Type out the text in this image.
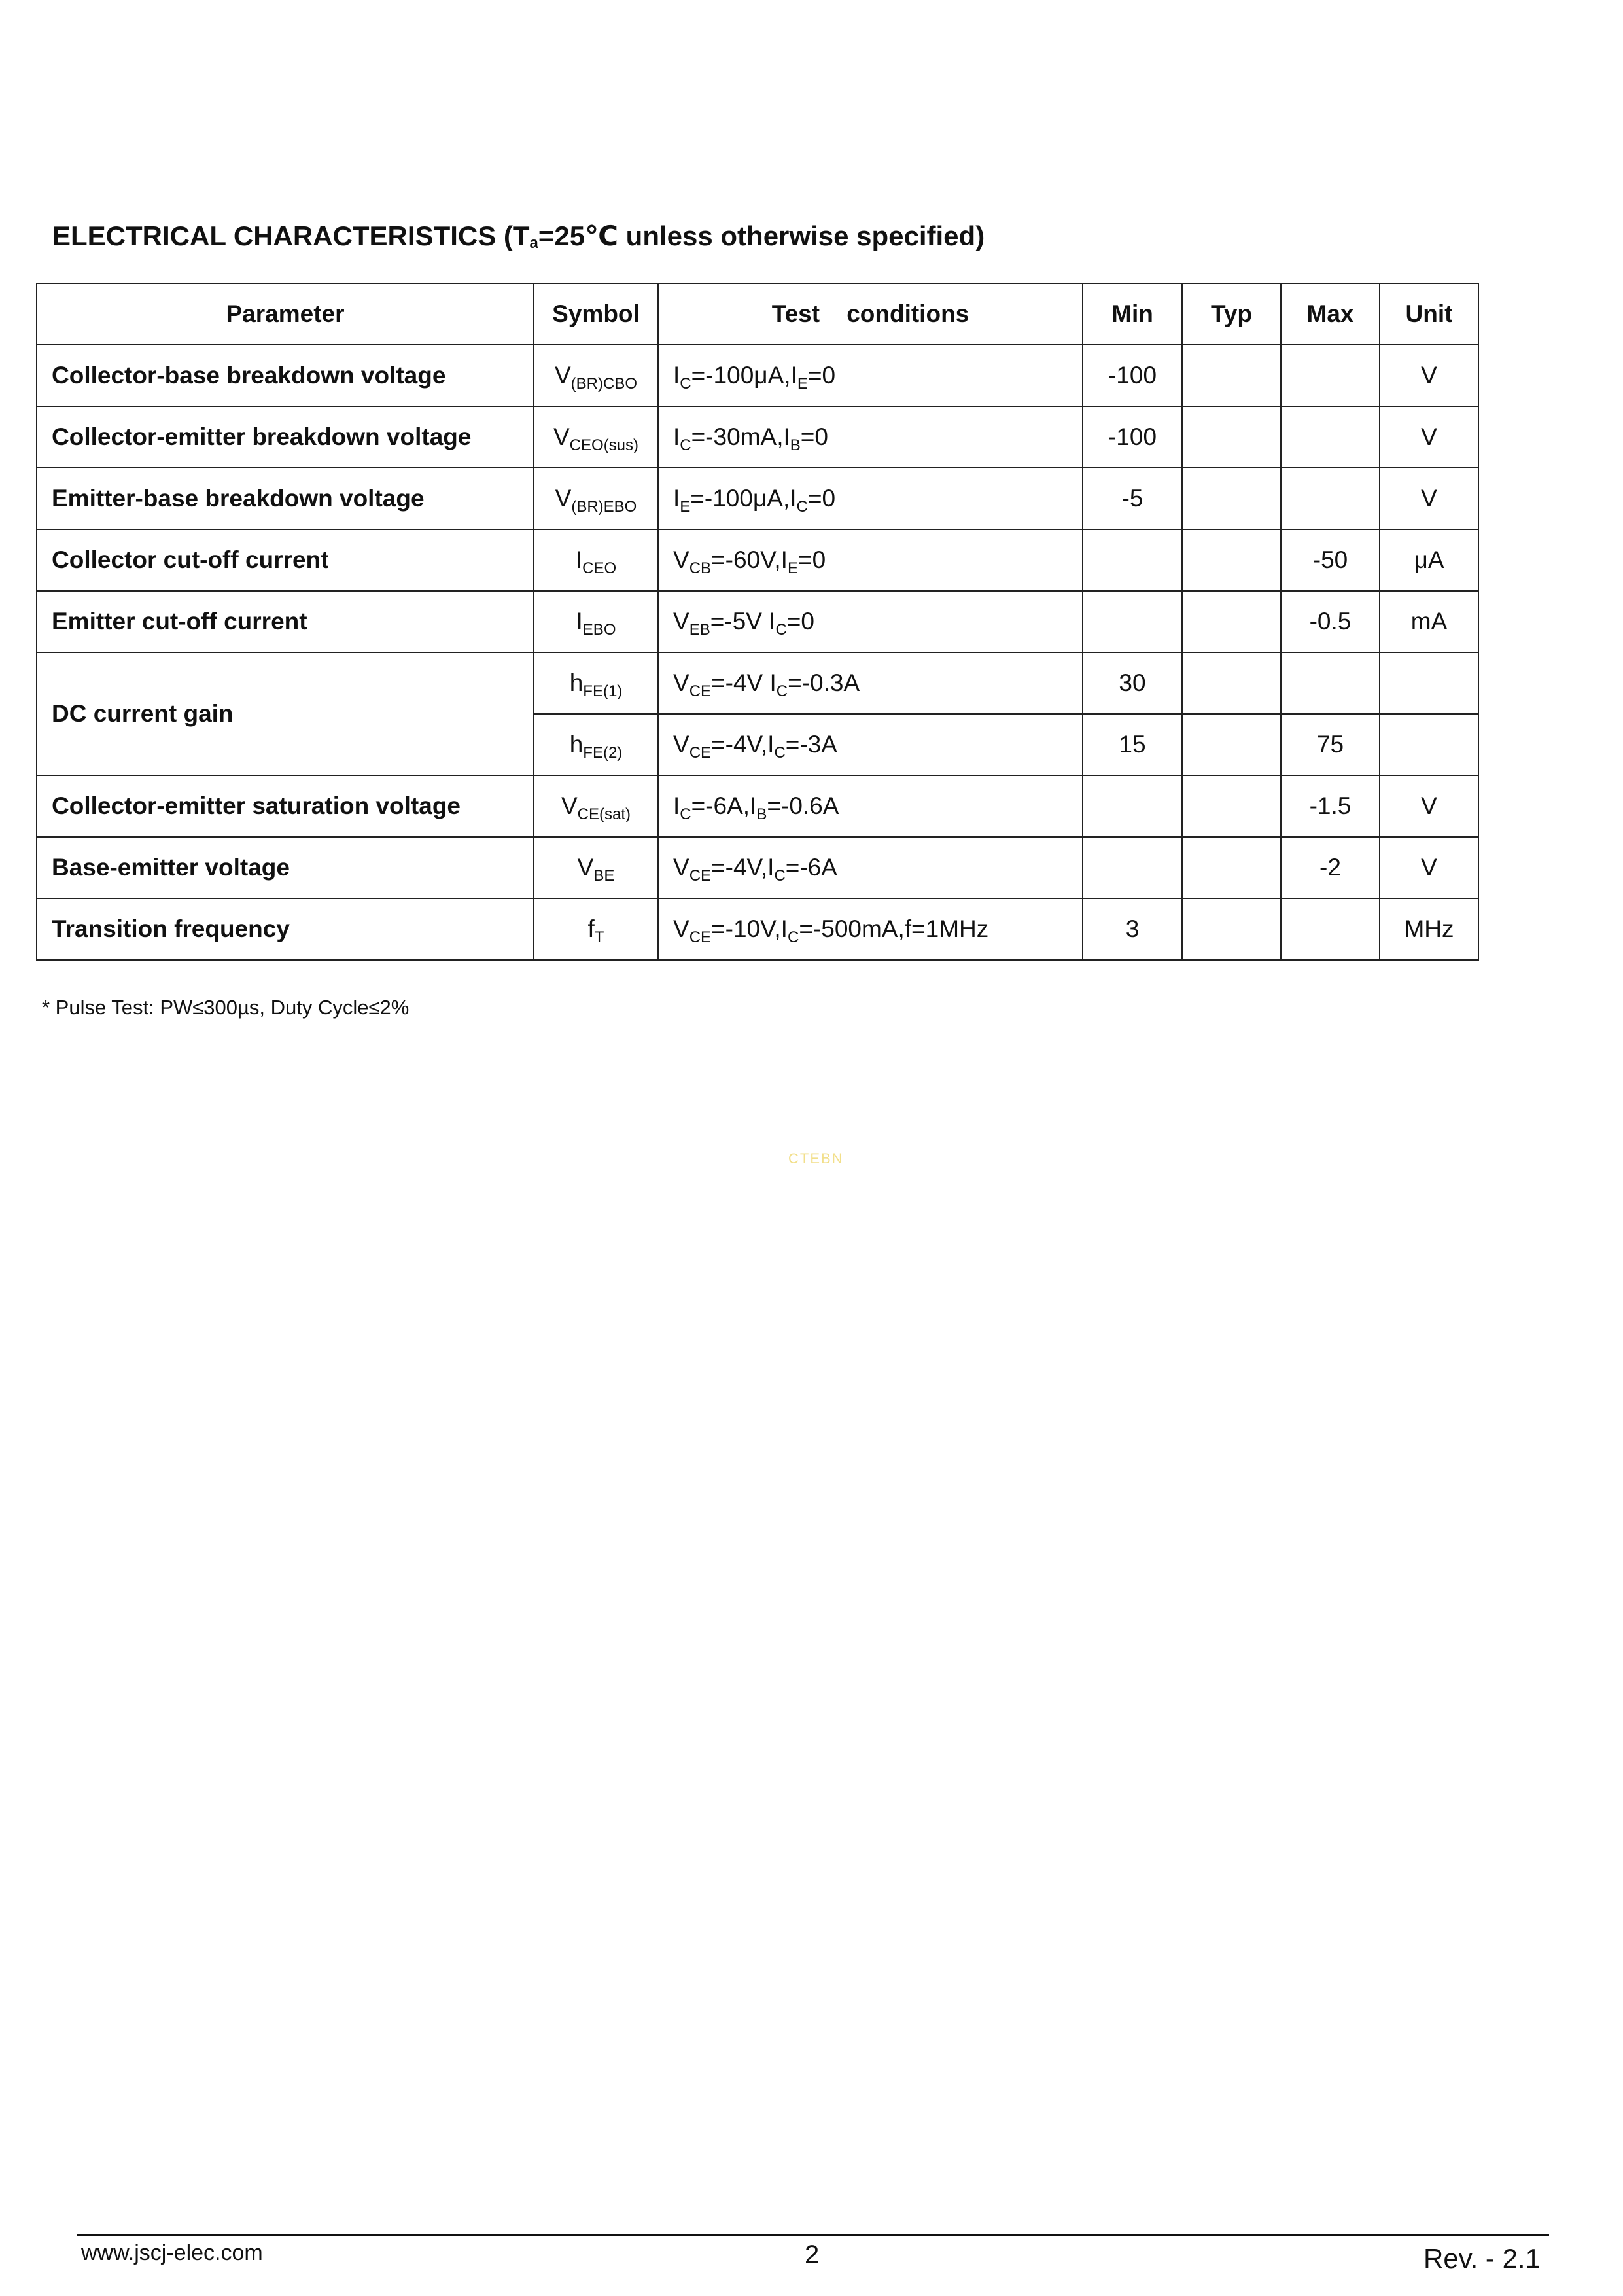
ELECTRICAL CHARACTERISTICS ($T_a=25℃$ unless otherwise specified)
Parameter	Symbol	Test    conditions	Min	Typ	Max	Unit
Collector-base breakdown voltage	$V_{(BR)CBO}$	$I_C=-100\mu A,I_E=0$	-100			V
Collector-emitter breakdown voltage	$V_{CEO(sus)}$	$I_C=-30mA,I_B=0$	-100			V
Emitter-base breakdown voltage	$V_{(BR)EBO}$	$I_E=-100\mu A,I_C=0$	-5			V
Collector cut-off current	$I_{CEO}$	$V_{CB}=-60V,I_E=0$			-50	μA
Emitter cut-off current	$I_{EBO}$	$V_{EB}=-5V$ $I_C=0$			-0.5	mA
DC current gain	$h_{FE(1)}$	$V_{CE}=-4V$ $I_C=-0.3A$	30			
	$h_{FE(2)}$	$V_{CE}=-4V,I_C=-3A$	15		75	
Collector-emitter saturation voltage	$V_{CE(sat)}$	$I_C=-6A,I_B=-0.6A$			-1.5	V
Base-emitter voltage	$V_{BE}$	$V_{CE}=-4V,I_C=-6A$			-2	V
Transition frequency	$f_T$	$V_{CE}=-10V,I_C=-500mA,f=1MHz$	3			MHz
* Pulse Test: PW≤300µs, Duty Cycle≤2%
CTEBN
www.jscj-elec.com	2	Rev. - 2.1
